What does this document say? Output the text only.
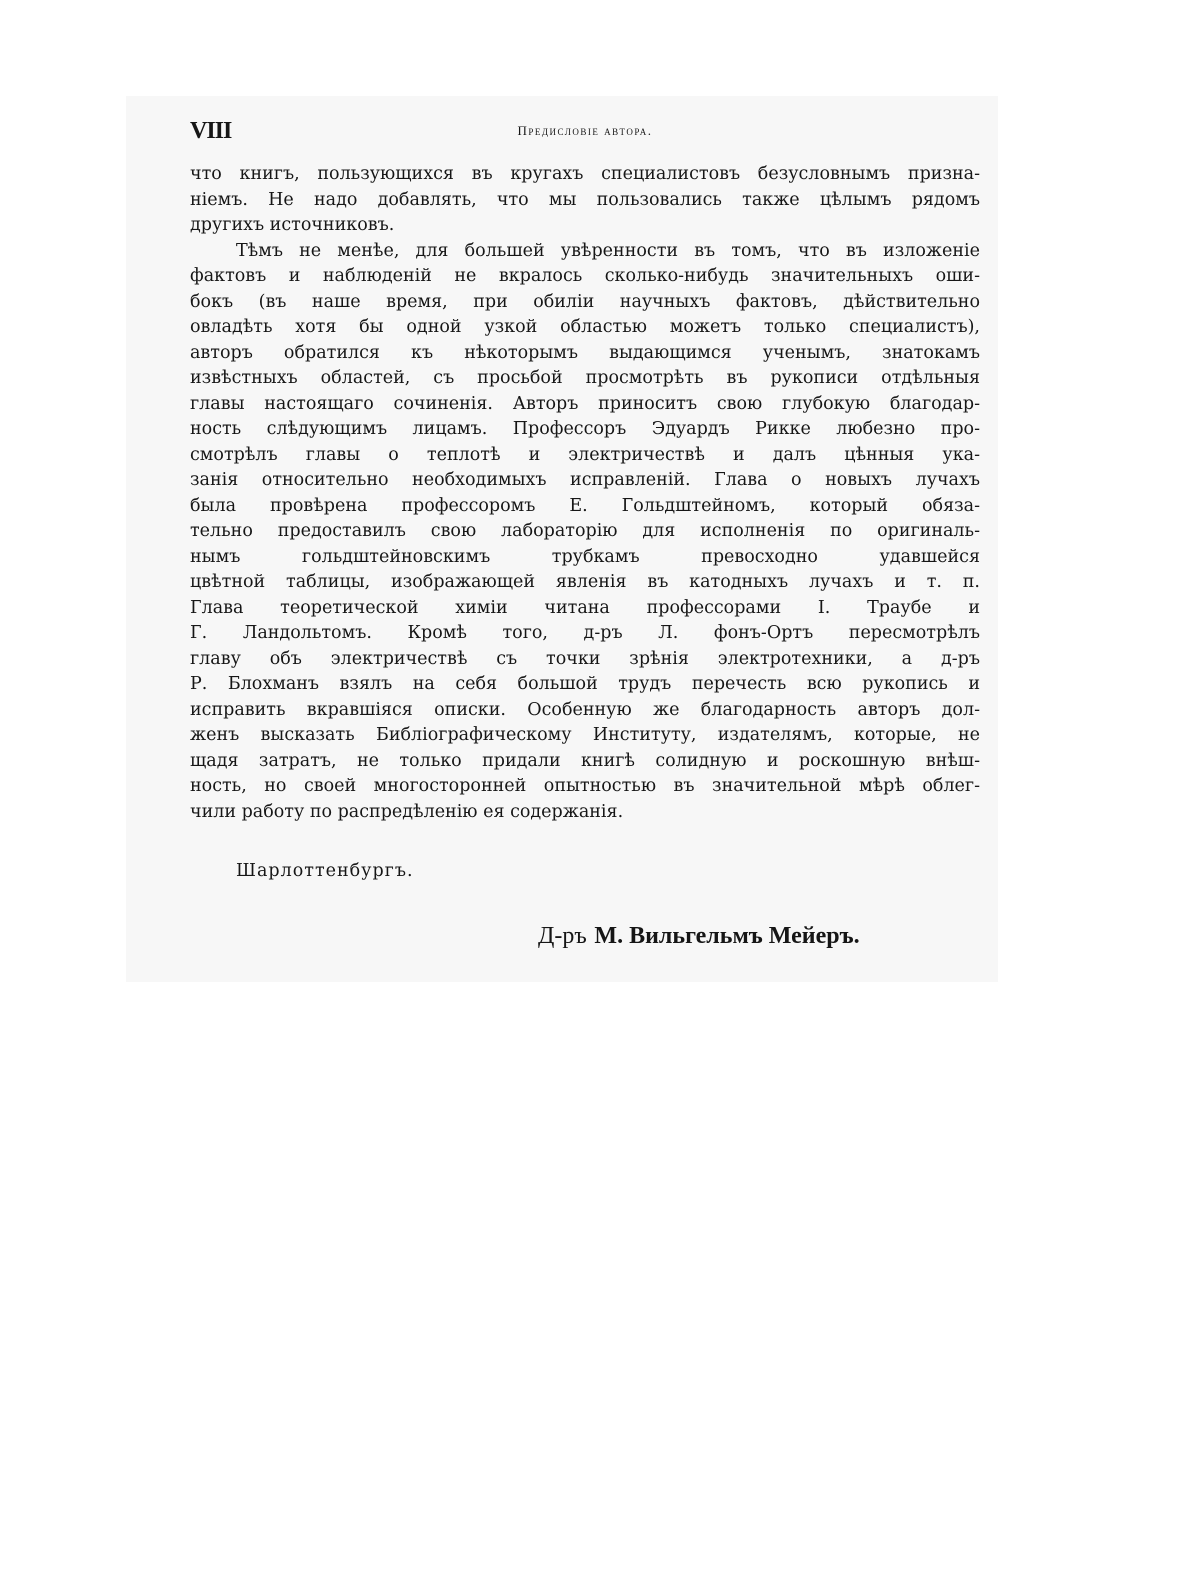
VIII	Предисловіе автора.
что книгъ, пользующихся въ кругахъ специалистовъ безусловнымъ призна-
ніемъ. Не надо добавлять, что мы пользовались также цѣлымъ рядомъ
другихъ источниковъ.
Тѣмъ не менѣе, для большей увѣренности въ томъ, что въ изложеніе
фактовъ и наблюденій не вкралось сколько-нибудь значительныхъ оши-
бокъ (въ наше время, при обиліи научныхъ фактовъ, дѣйствительно
овладѣть хотя бы одной узкой областью можетъ только специалистъ),
авторъ обратился къ нѣкоторымъ выдающимся ученымъ, знатокамъ
извѣстныхъ областей, съ просьбой просмотрѣть въ рукописи отдѣльныя
главы настоящаго сочиненія. Авторъ приноситъ свою глубокую благодар-
ность слѣдующимъ лицамъ. Профессоръ Эдуардъ Рикке любезно про-
смотрѣлъ главы о теплотѣ и электричествѣ и далъ цѣнныя ука-
занія относительно необходимыхъ исправленій. Глава о новыхъ лучахъ
была провѣрена профессоромъ Е. Гольдштейномъ, который обяза-
тельно предоставилъ свою лабораторію для исполненія по оригиналь-
нымъ гольдштейновскимъ трубкамъ превосходно удавшейся
цвѣтной таблицы, изображающей явленія въ катодныхъ лучахъ и т. п.
Глава теоретической химіи читана профессорами І. Траубе и
Г. Ландольтомъ. Кромѣ того, д-ръ Л. фонъ-Ортъ пересмотрѣлъ
главу объ электричествѣ съ точки зрѣнія электротехники, а д-ръ
Р. Блохманъ взялъ на себя большой трудъ перечесть всю рукопись и
исправить вкравшіяся описки. Особенную же благодарность авторъ дол-
женъ высказать Библіографическому Институту, издателямъ, которые, не
щадя затратъ, не только придали книгѣ солидную и роскошную внѣш-
ность, но своей многосторонней опытностью въ значительной мѣрѣ облег-
чили работу по распредѣленію ея содержанія.
Шарлоттенбургъ.
Д-ръ М. Вильгельмъ Мейеръ.
